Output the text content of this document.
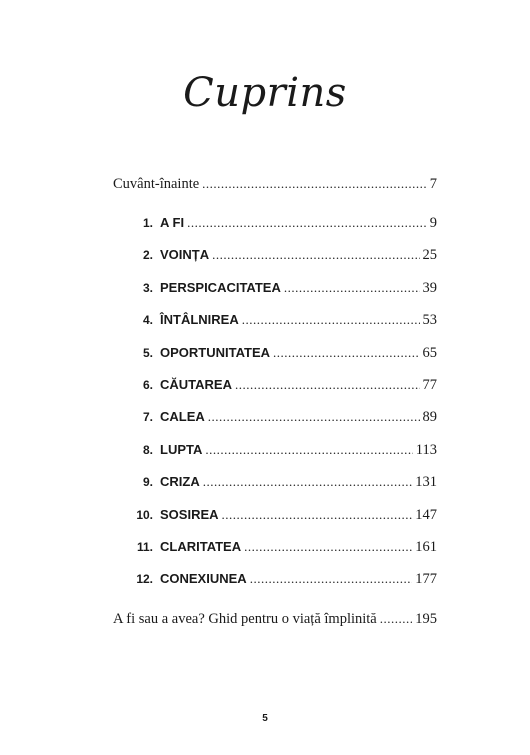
Cuprins
Cuvânt-înainte .....	7
1. A FI .....	9
2. VOINȚA .....	25
3. PERSPICACITATEA .....	39
4. ÎNTÂLNIREA .....	53
5. OPORTUNITATEA .....	65
6. CĂUTAREA .....	77
7. CALEA .....	89
8. LUPTA .....	113
9. CRIZA .....	131
10. SOSIREA .....	147
11. CLARITATEA .....	161
12. CONEXIUNEA .....	177
A fi sau a avea? Ghid pentru o viață împlinită .....	195
5
